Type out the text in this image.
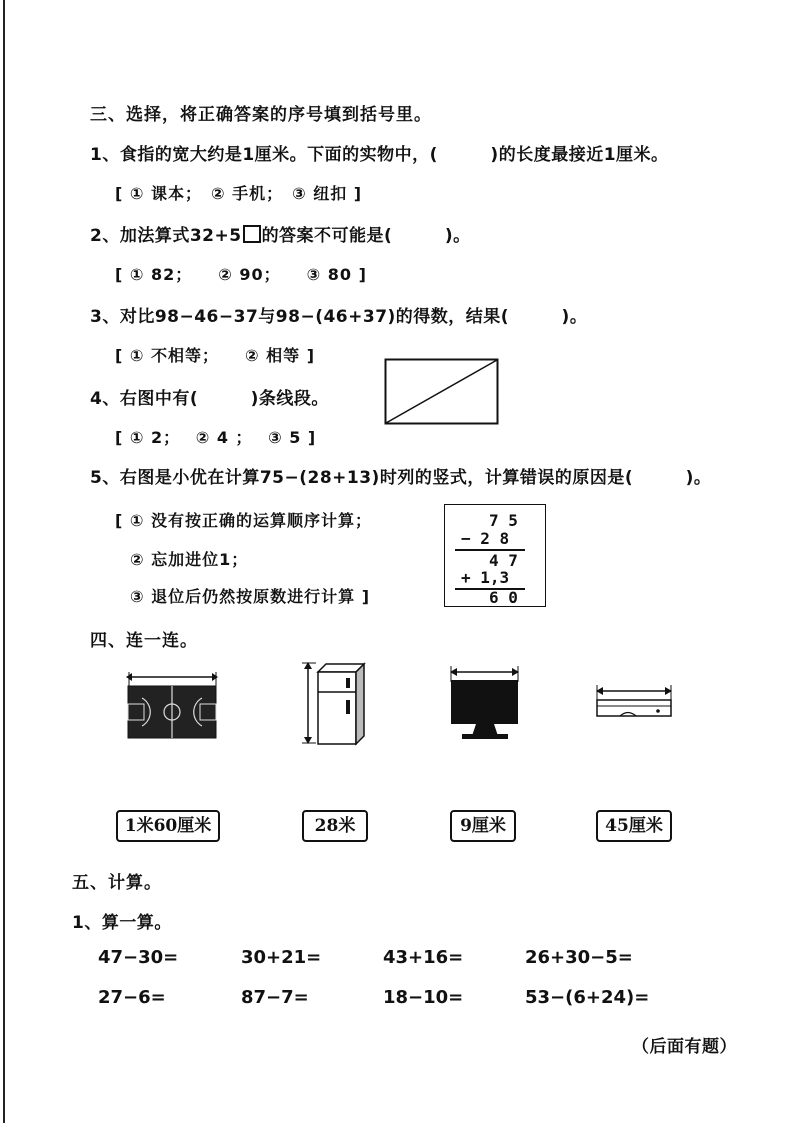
三、选择，将正确答案的序号填到括号里。
1、食指的宽大约是1厘米。下面的实物中，(　　　)的长度最接近1厘米。
[ ① 课本；　② 手机；　③ 纽扣 ]
2、加法算式32+5 的答案不可能是(　　　)。
[ ① 82；　　② 90；　　③ 80 ]
3、对比98−46−37与98−(46+37)的得数，结果(　　　)。
[ ① 不相等；　　② 相等 ]
4、右图中有(　　　)条线段。
[ ① 2；　 ② 4 ；　 ③ 5 ]
5、右图是小优在计算75−(28+13)时列的竖式，计算错误的原因是(　　　)。
[ ① 没有按正确的运算顺序计算；
② 忘加进位1；
③ 退位后仍然按原数进行计算 ]
7 5
− 2 8
4 7
+ 1,3
6 0
四、连一连。
1米60厘米	28米	9厘米	45厘米
五、计算。
1、算一算。
47−30=	30+21=	43+16=	26+30−5=
27−6=	87−7=	18−10=	53−(6+24)=
（后面有题）
